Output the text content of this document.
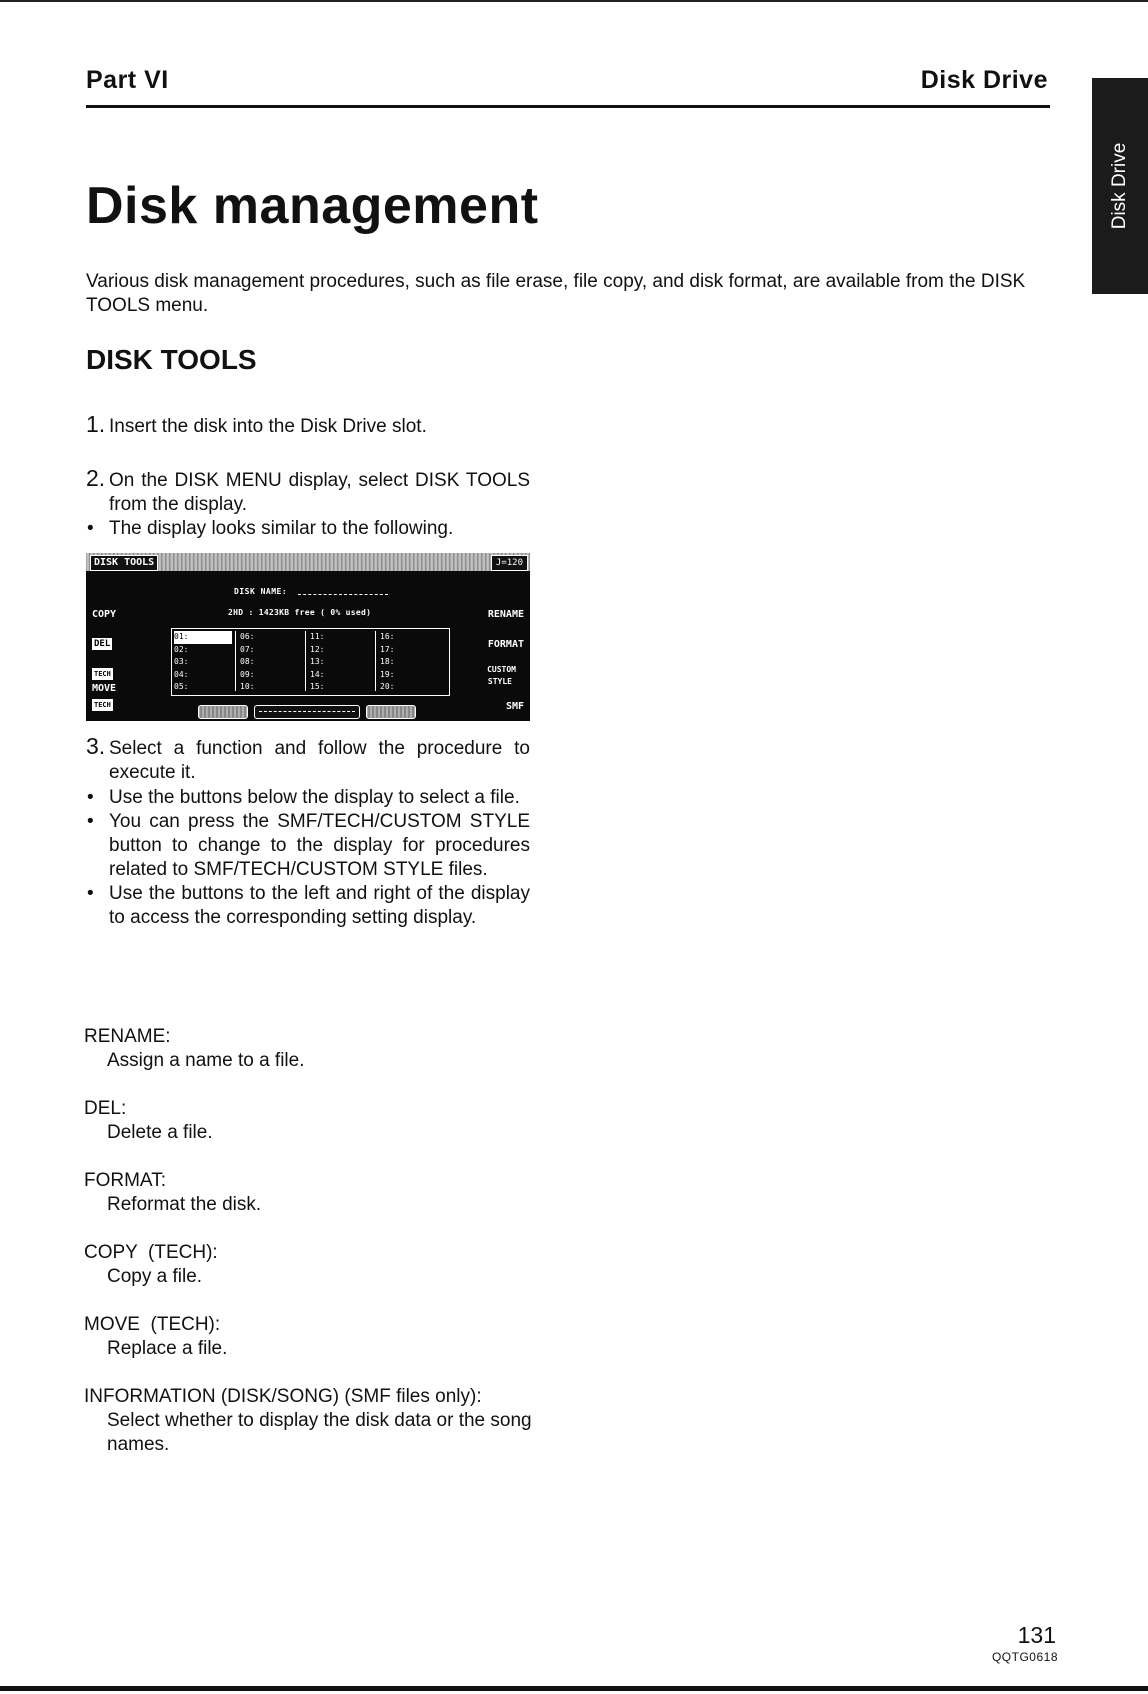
Part VI	Disk Drive
Disk Drive
Disk management
Various disk management procedures, such as file erase, file copy, and disk format, are available from the DISK TOOLS menu.
DISK TOOLS
1. Insert the disk into the Disk Drive slot.
2. On the DISK MENU display, select DISK TOOLS from the display.
• The display looks similar to the following.
DISK TOOLS	J=120
DISK NAME:
2HD : 1423KB free ( 0% used)
COPY
DEL
TECH
MOVE
TECH
RENAME
FORMAT
CUSTOM
STYLE
SMF
01:
02:
03:
04:
05:
06:
07:
08:
09:
10:
11:
12:
13:
14:
15:
16:
17:
18:
19:
20:
3. Select a function and follow the procedure to execute it.
• Use the buttons below the display to select a file.
• You can press the SMF/TECH/CUSTOM STYLE button to change to the display for procedures related to SMF/TECH/CUSTOM STYLE files.
• Use the buttons to the left and right of the display to access the corresponding setting display.
RENAME:
Assign a name to a file.
DEL:
Delete a file.
FORMAT:
Reformat the disk.
COPY  (TECH):
Copy a file.
MOVE  (TECH):
Replace a file.
INFORMATION (DISK/SONG) (SMF files only):
Select whether to display the disk data or the song names.
131
QQTG0618
